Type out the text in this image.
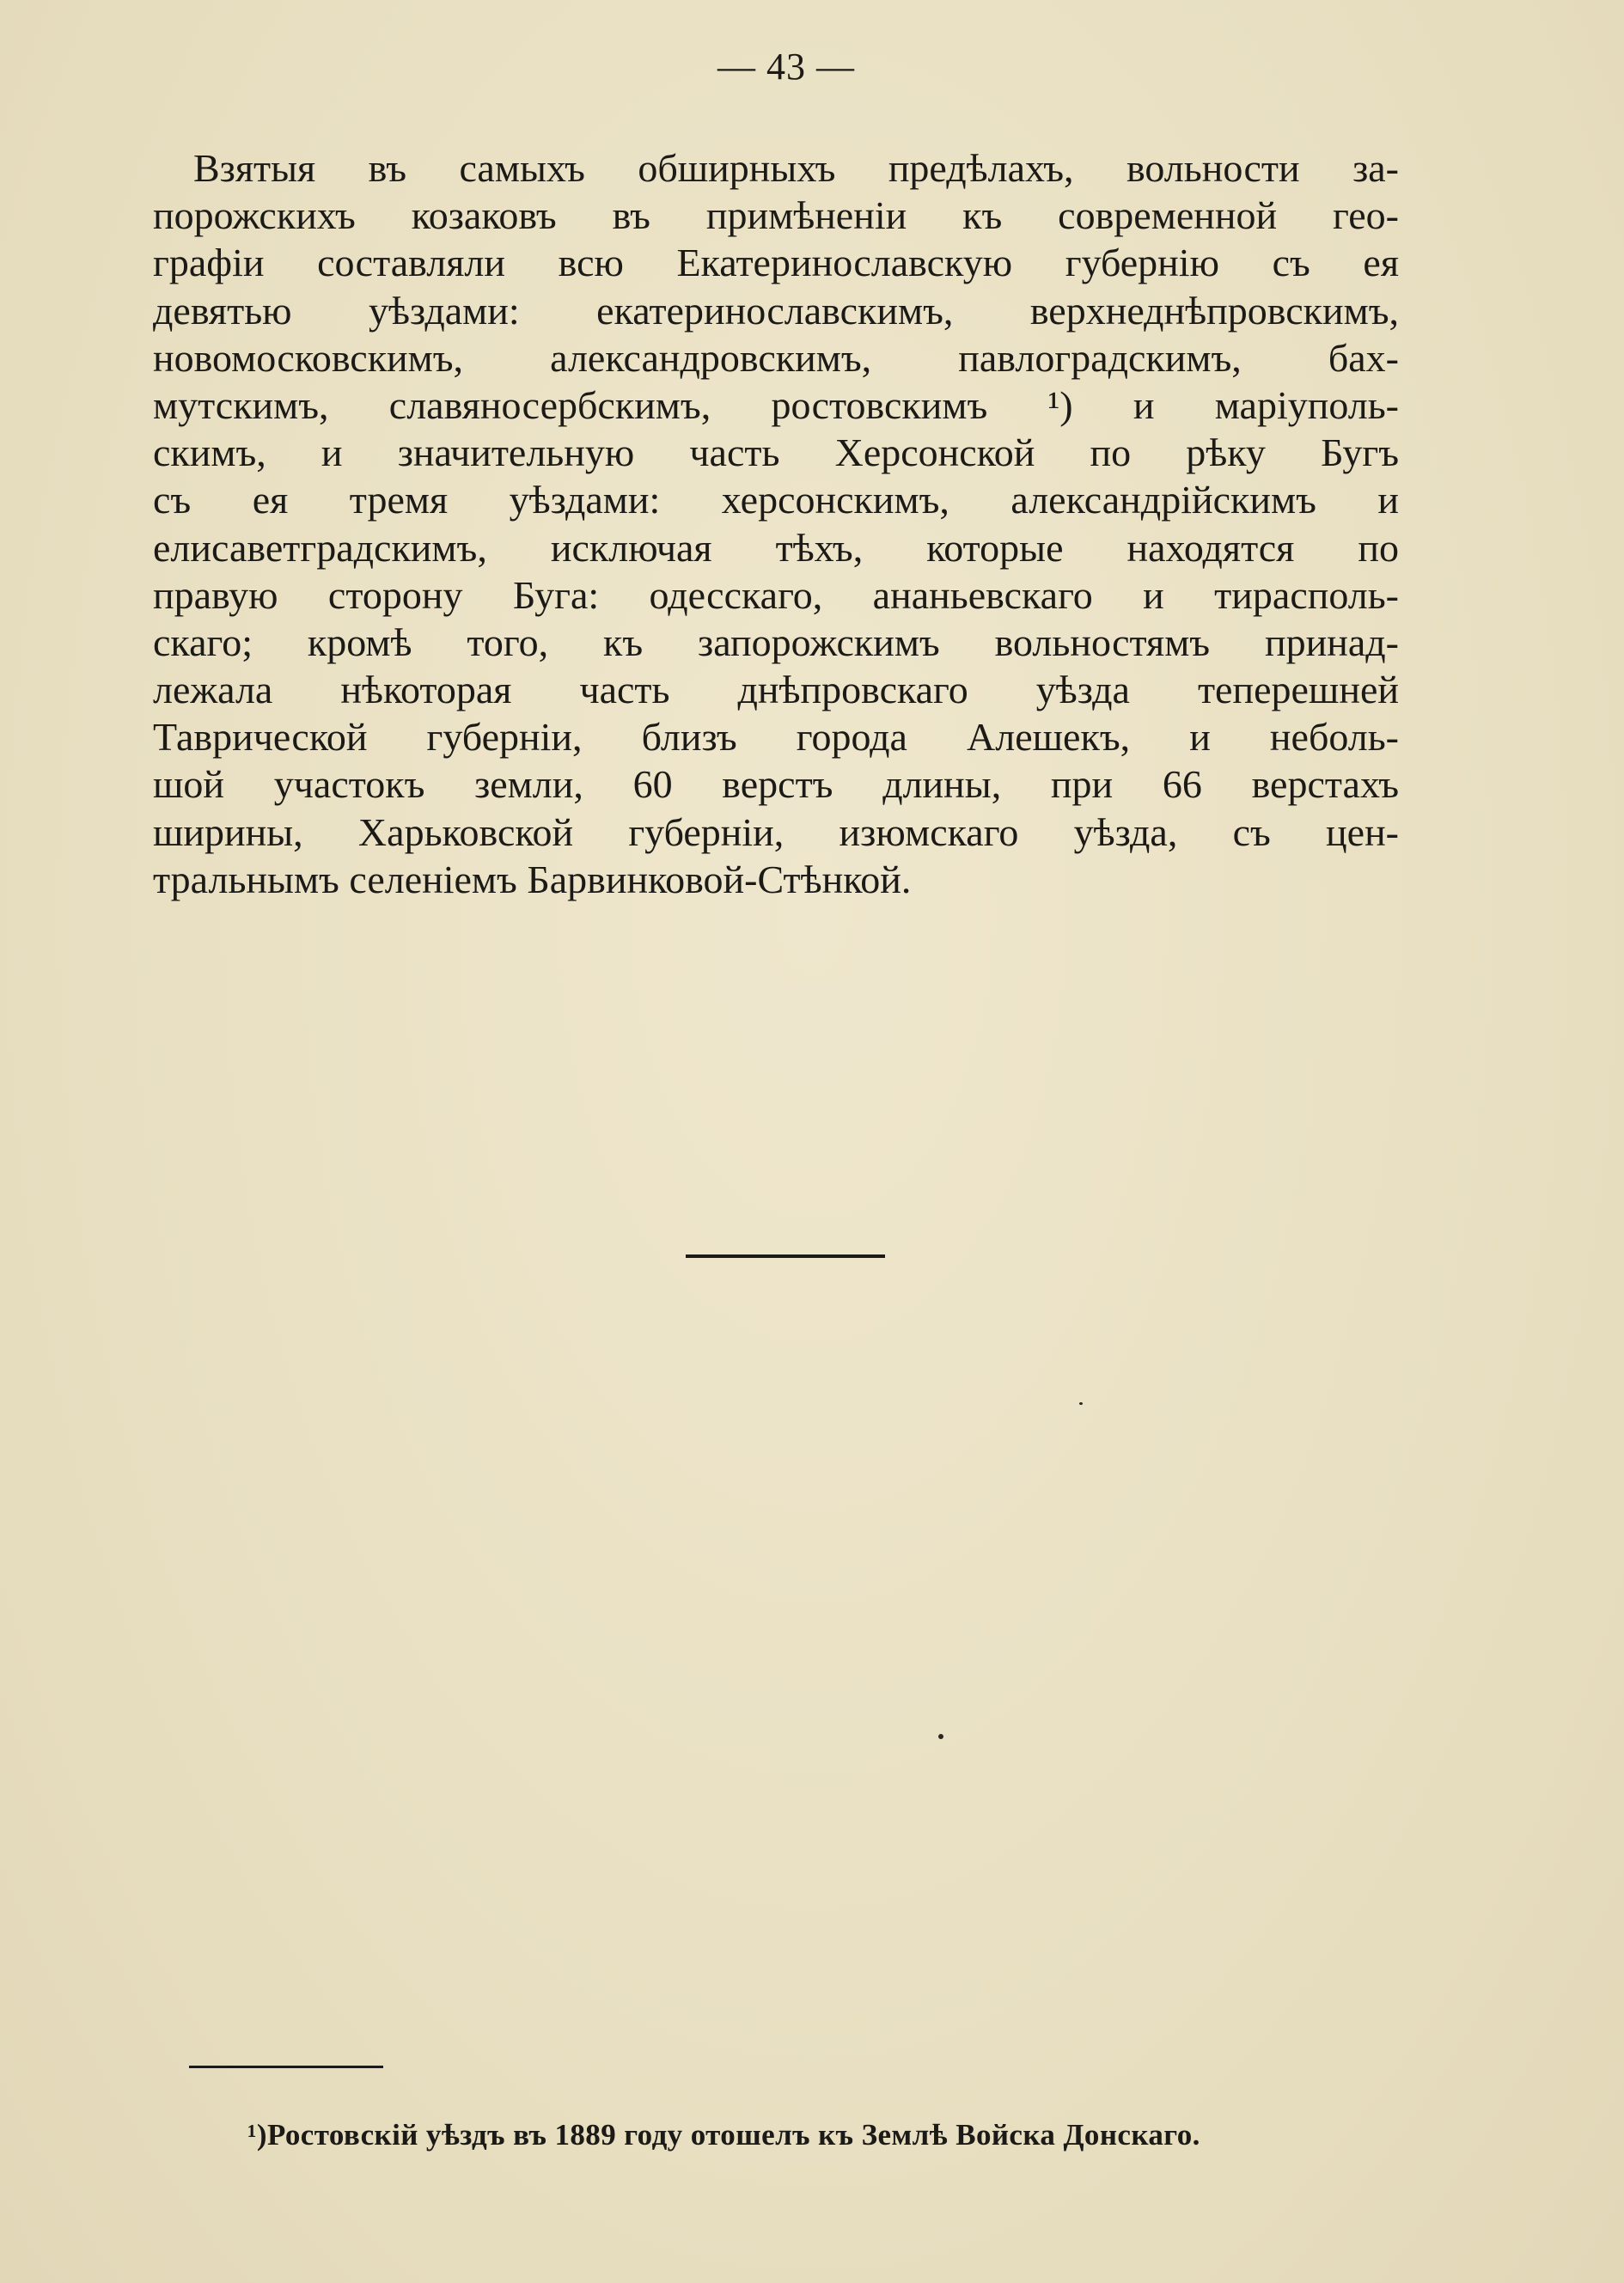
— 43 —
Взятыя въ самыхъ обширныхъ предѣлахъ, вольности за-
порожскихъ козаковъ въ примѣненіи къ современной гео-
графіи составляли всю Екатеринославскую губернію съ ея
девятью уѣздами: екатеринославскимъ, верхнеднѣпровскимъ,
новомосковскимъ, александровскимъ, павлоградскимъ, бах-
мутскимъ, славяносербскимъ, ростовскимъ ¹) и маріуполь-
скимъ, и значительную часть Херсонской по рѣку Бугъ
съ ея тремя уѣздами: херсонскимъ, александрійскимъ и
елисаветградскимъ, исключая тѣхъ, которые находятся по
правую сторону Буга: одесскаго, ананьевскаго и тирасполь-
скаго; кромѣ того, къ запорожскимъ вольностямъ принад-
лежала нѣкоторая часть днѣпровскаго уѣзда теперешней
Таврической губерніи, близъ города Алешекъ, и неболь-
шой участокъ земли, 60 верстъ длины, при 66 верстахъ
ширины, Харьковской губерніи, изюмскаго уѣзда, съ цен-
тральнымъ селеніемъ Барвинковой-Стѣнкой.
¹)Ростовскій уѣздъ въ 1889 году отошелъ къ Землѣ Войска Донскаго.
